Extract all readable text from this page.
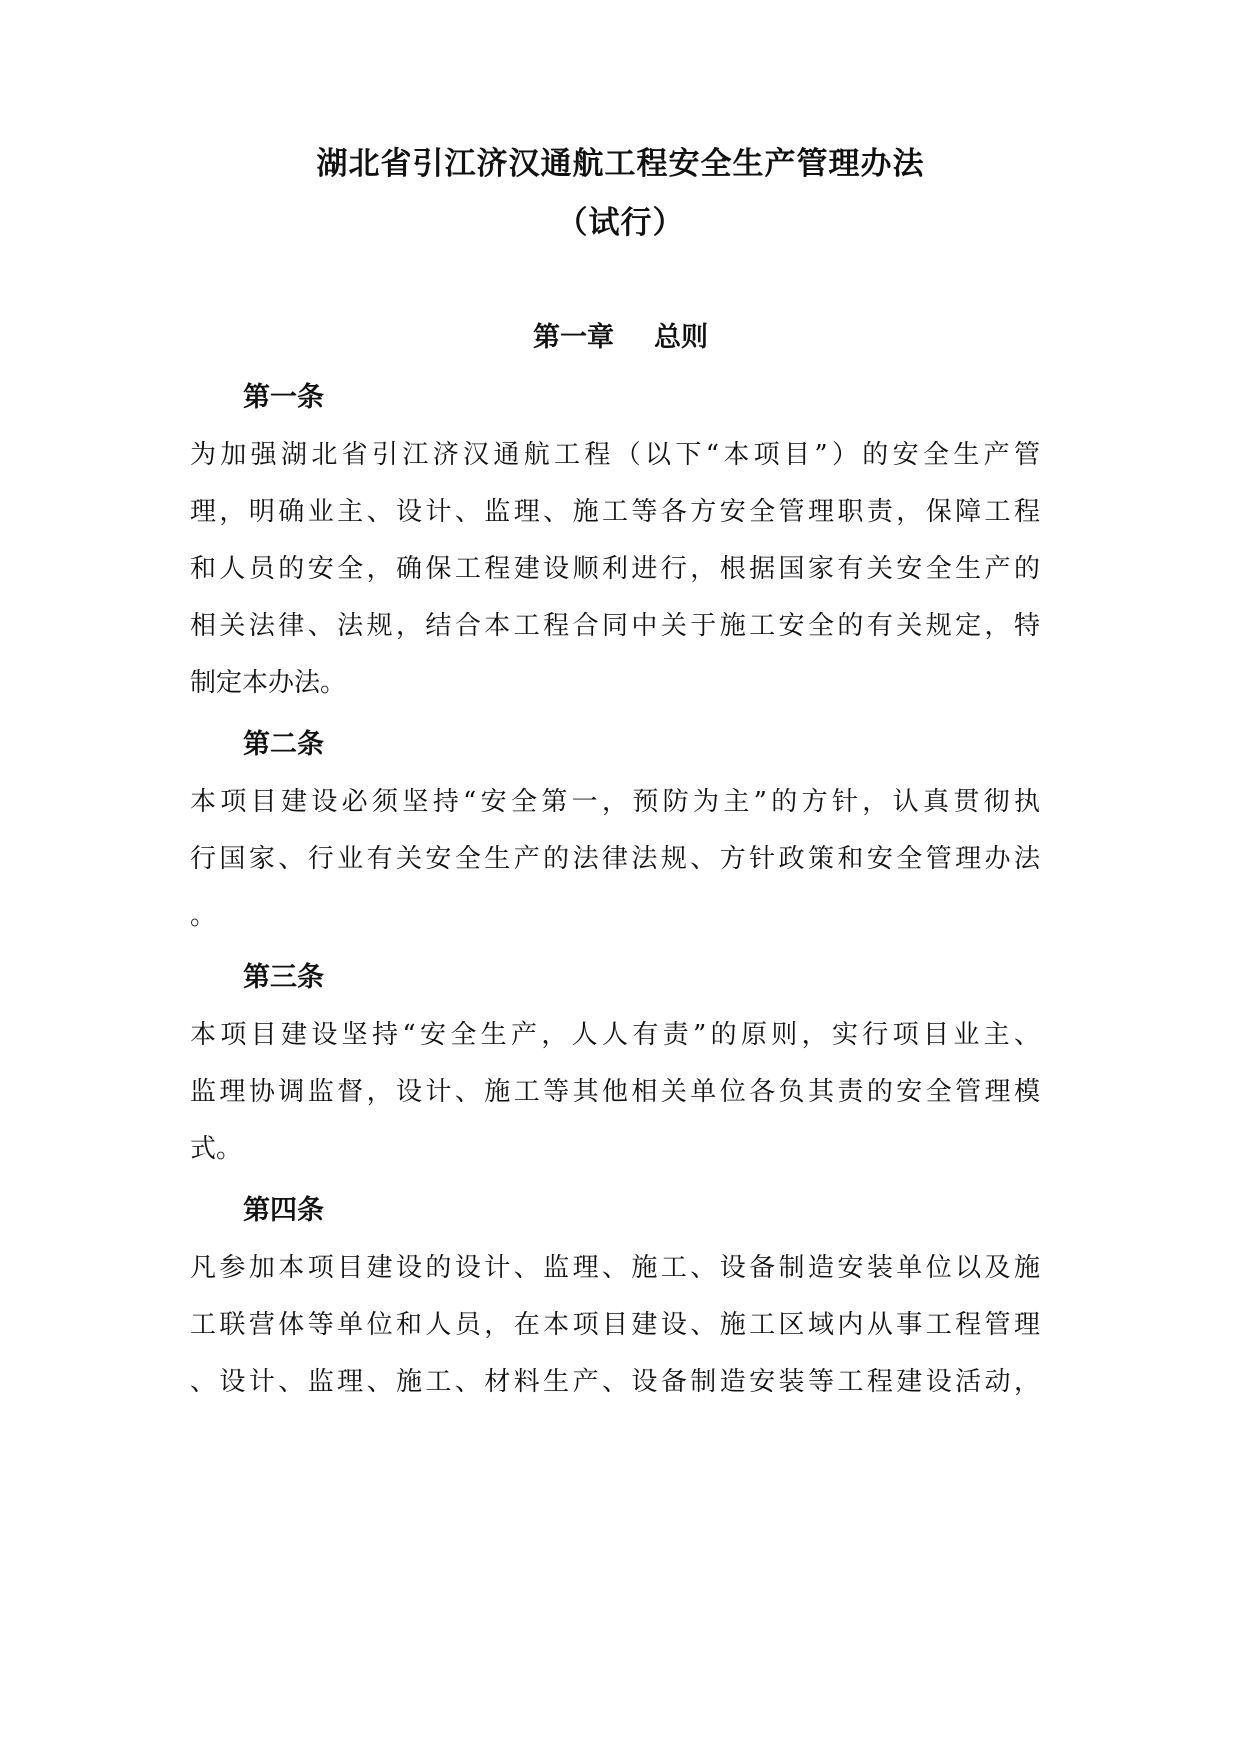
湖北省引江济汉通航工程安全生产管理办法
（试行）
第一章 总则
第一条
为加强湖北省引江济汉通航工程（以下“本项目”）的安全生产管
理，明确业主、设计、监理、施工等各方安全管理职责，保障工程
和人员的安全，确保工程建设顺利进行，根据国家有关安全生产的
相关法律、法规，结合本工程合同中关于施工安全的有关规定，特
制定本办法。
第二条
本项目建设必须坚持“安全第一，预防为主”的方针，认真贯彻执
行国家、行业有关安全生产的法律法规、方针政策和安全管理办法
。
第三条
本项目建设坚持“安全生产，人人有责”的原则，实行项目业主、
监理协调监督，设计、施工等其他相关单位各负其责的安全管理模
式。
第四条
凡参加本项目建设的设计、监理、施工、设备制造安装单位以及施
工联营体等单位和人员，在本项目建设、施工区域内从事工程管理
、设计、监理、施工、材料生产、设备制造安装等工程建设活动，
